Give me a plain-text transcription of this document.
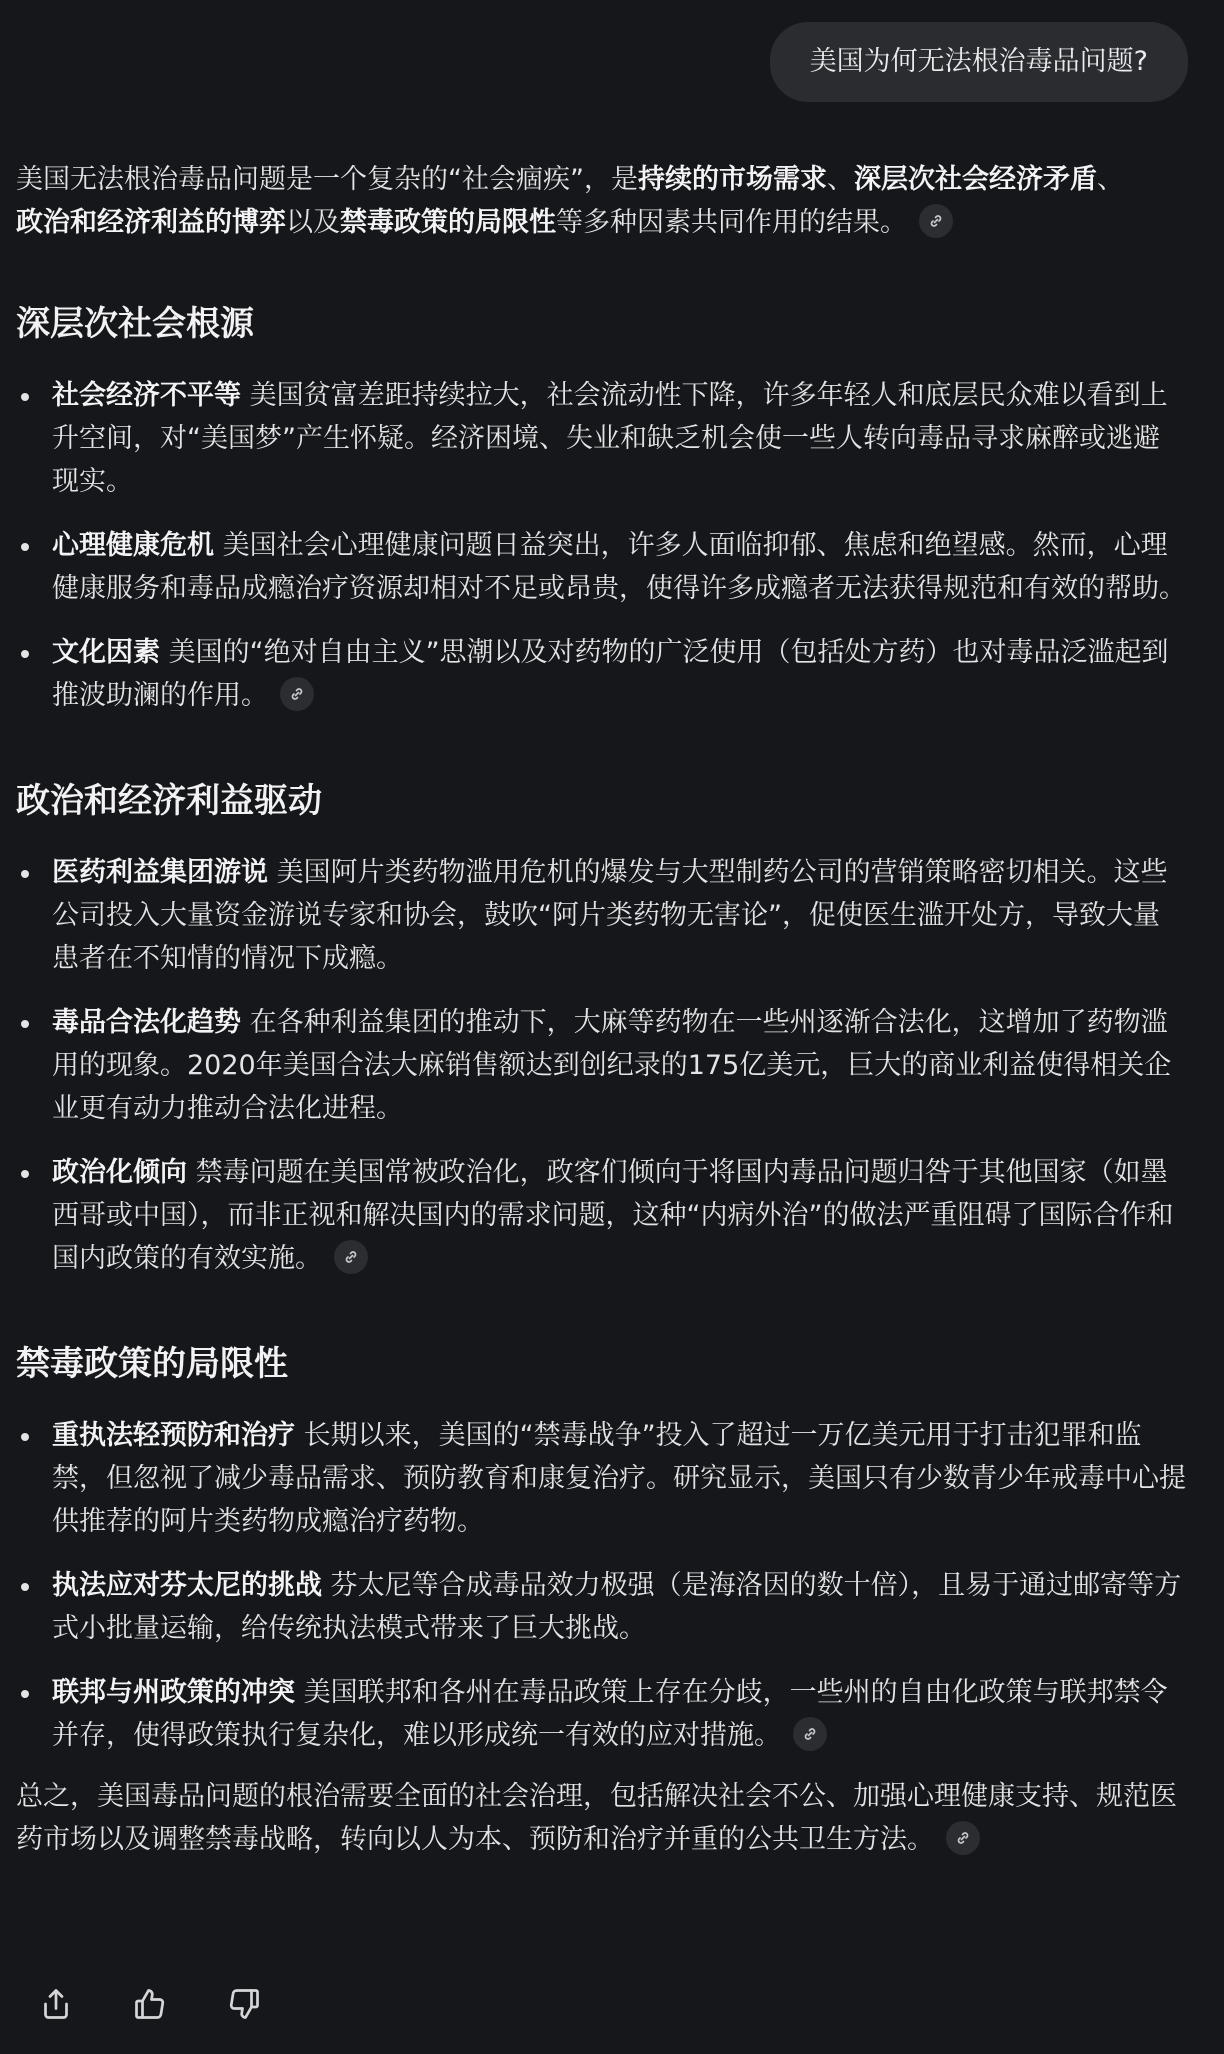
美国为何无法根治毒品问题?

美国无法根治毒品问题是一个复杂的“社会痼疾”，是持续的市场需求、深层次社会经济矛盾、
政治和经济利益的博弈以及禁毒政策的局限性等多种因素共同作用的结果。

深层次社会根源
社会经济不平等 美国贫富差距持续拉大，社会流动性下降，许多年轻人和底层民众难以看到上升空间，对“美国梦”产生怀疑。经济困境、失业和缺乏机会使一些人转向毒品寻求麻醉或逃避现实。
心理健康危机 美国社会心理健康问题日益突出，许多人面临抑郁、焦虑和绝望感。然而，心理健康服务和毒品成瘾治疗资源却相对不足或昂贵，使得许多成瘾者无法获得规范和有效的帮助。
文化因素 美国的“绝对自由主义”思潮以及对药物的广泛使用（包括处方药）也对毒品泛滥起到推波助澜的作用。
政治和经济利益驱动
医药利益集团游说 美国阿片类药物滥用危机的爆发与大型制药公司的营销策略密切相关。这些公司投入大量资金游说专家和协会，鼓吹“阿片类药物无害论”，促使医生滥开处方，导致大量患者在不知情的情况下成瘾。
毒品合法化趋势 在各种利益集团的推动下，大麻等药物在一些州逐渐合法化，这增加了药物滥用的现象。2020年美国合法大麻销售额达到创纪录的175亿美元，巨大的商业利益使得相关企业更有动力推动合法化进程。
政治化倾向 禁毒问题在美国常被政治化，政客们倾向于将国内毒品问题归咎于其他国家（如墨西哥或中国），而非正视和解决国内的需求问题，这种“内病外治”的做法严重阻碍了国际合作和国内政策的有效实施。
禁毒政策的局限性
重执法轻预防和治疗 长期以来，美国的“禁毒战争”投入了超过一万亿美元用于打击犯罪和监禁，但忽视了减少毒品需求、预防教育和康复治疗。研究显示，美国只有少数青少年戒毒中心提供推荐的阿片类药物成瘾治疗药物。
执法应对芬太尼的挑战 芬太尼等合成毒品效力极强（是海洛因的数十倍），且易于通过邮寄等方式小批量运输，给传统执法模式带来了巨大挑战。
联邦与州政策的冲突 美国联邦和各州在毒品政策上存在分歧，一些州的自由化政策与联邦禁令并存，使得政策执行复杂化，难以形成统一有效的应对措施。

总之，美国毒品问题的根治需要全面的社会治理，包括解决社会不公、加强心理健康支持、规范医药市场以及调整禁毒战略，转向以人为本、预防和治疗并重的公共卫生方法。
